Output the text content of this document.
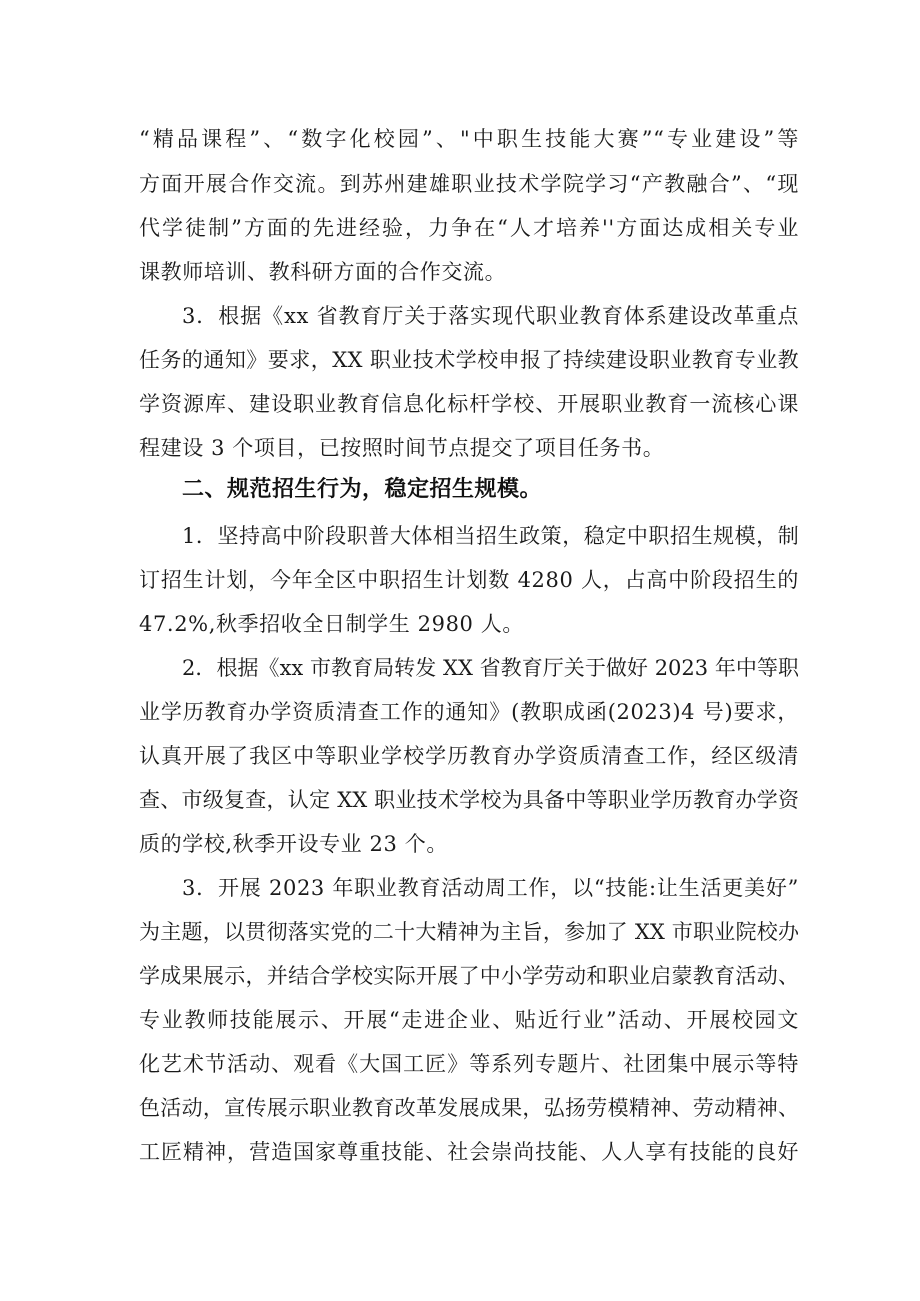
“精品课程”、“数字化校园”、"中职生技能大赛”“专业建设”等
方面开展合作交流。到苏州建雄职业技术学院学习“产教融合”、“现
代学徒制”方面的先进经验，力争在“人才培养''方面达成相关专业
课教师培训、教科研方面的合作交流。
3．根据《xx 省教育厅关于落实现代职业教育体系建设改革重点
任务的通知》要求，XX 职业技术学校申报了持续建设职业教育专业教
学资源库、建设职业教育信息化标杆学校、开展职业教育一流核心课
程建设 3 个项目，已按照时间节点提交了项目任务书。
二、规范招生行为，稳定招生规模。
1．坚持高中阶段职普大体相当招生政策，稳定中职招生规模，制
订招生计划，今年全区中职招生计划数 4280 人，占高中阶段招生的
47.2%,秋季招收全日制学生 2980 人。
2．根据《xx 市教育局转发 XX 省教育厅关于做好 2023 年中等职
业学历教育办学资质清查工作的通知》(教职成函(2023)4 号)要求，
认真开展了我区中等职业学校学历教育办学资质清查工作，经区级清
查、市级复查，认定 XX 职业技术学校为具备中等职业学历教育办学资
质的学校,秋季开设专业 23 个。
3．开展 2023 年职业教育活动周工作，以“技能:让生活更美好”
为主题，以贯彻落实党的二十大精神为主旨，参加了 XX 市职业院校办
学成果展示，并结合学校实际开展了中小学劳动和职业启蒙教育活动、
专业教师技能展示、开展“走进企业、贴近行业”活动、开展校园文
化艺术节活动、观看《大国工匠》等系列专题片、社团集中展示等特
色活动，宣传展示职业教育改革发展成果，弘扬劳模精神、劳动精神、
工匠精神，营造国家尊重技能、社会崇尚技能、人人享有技能的良好
